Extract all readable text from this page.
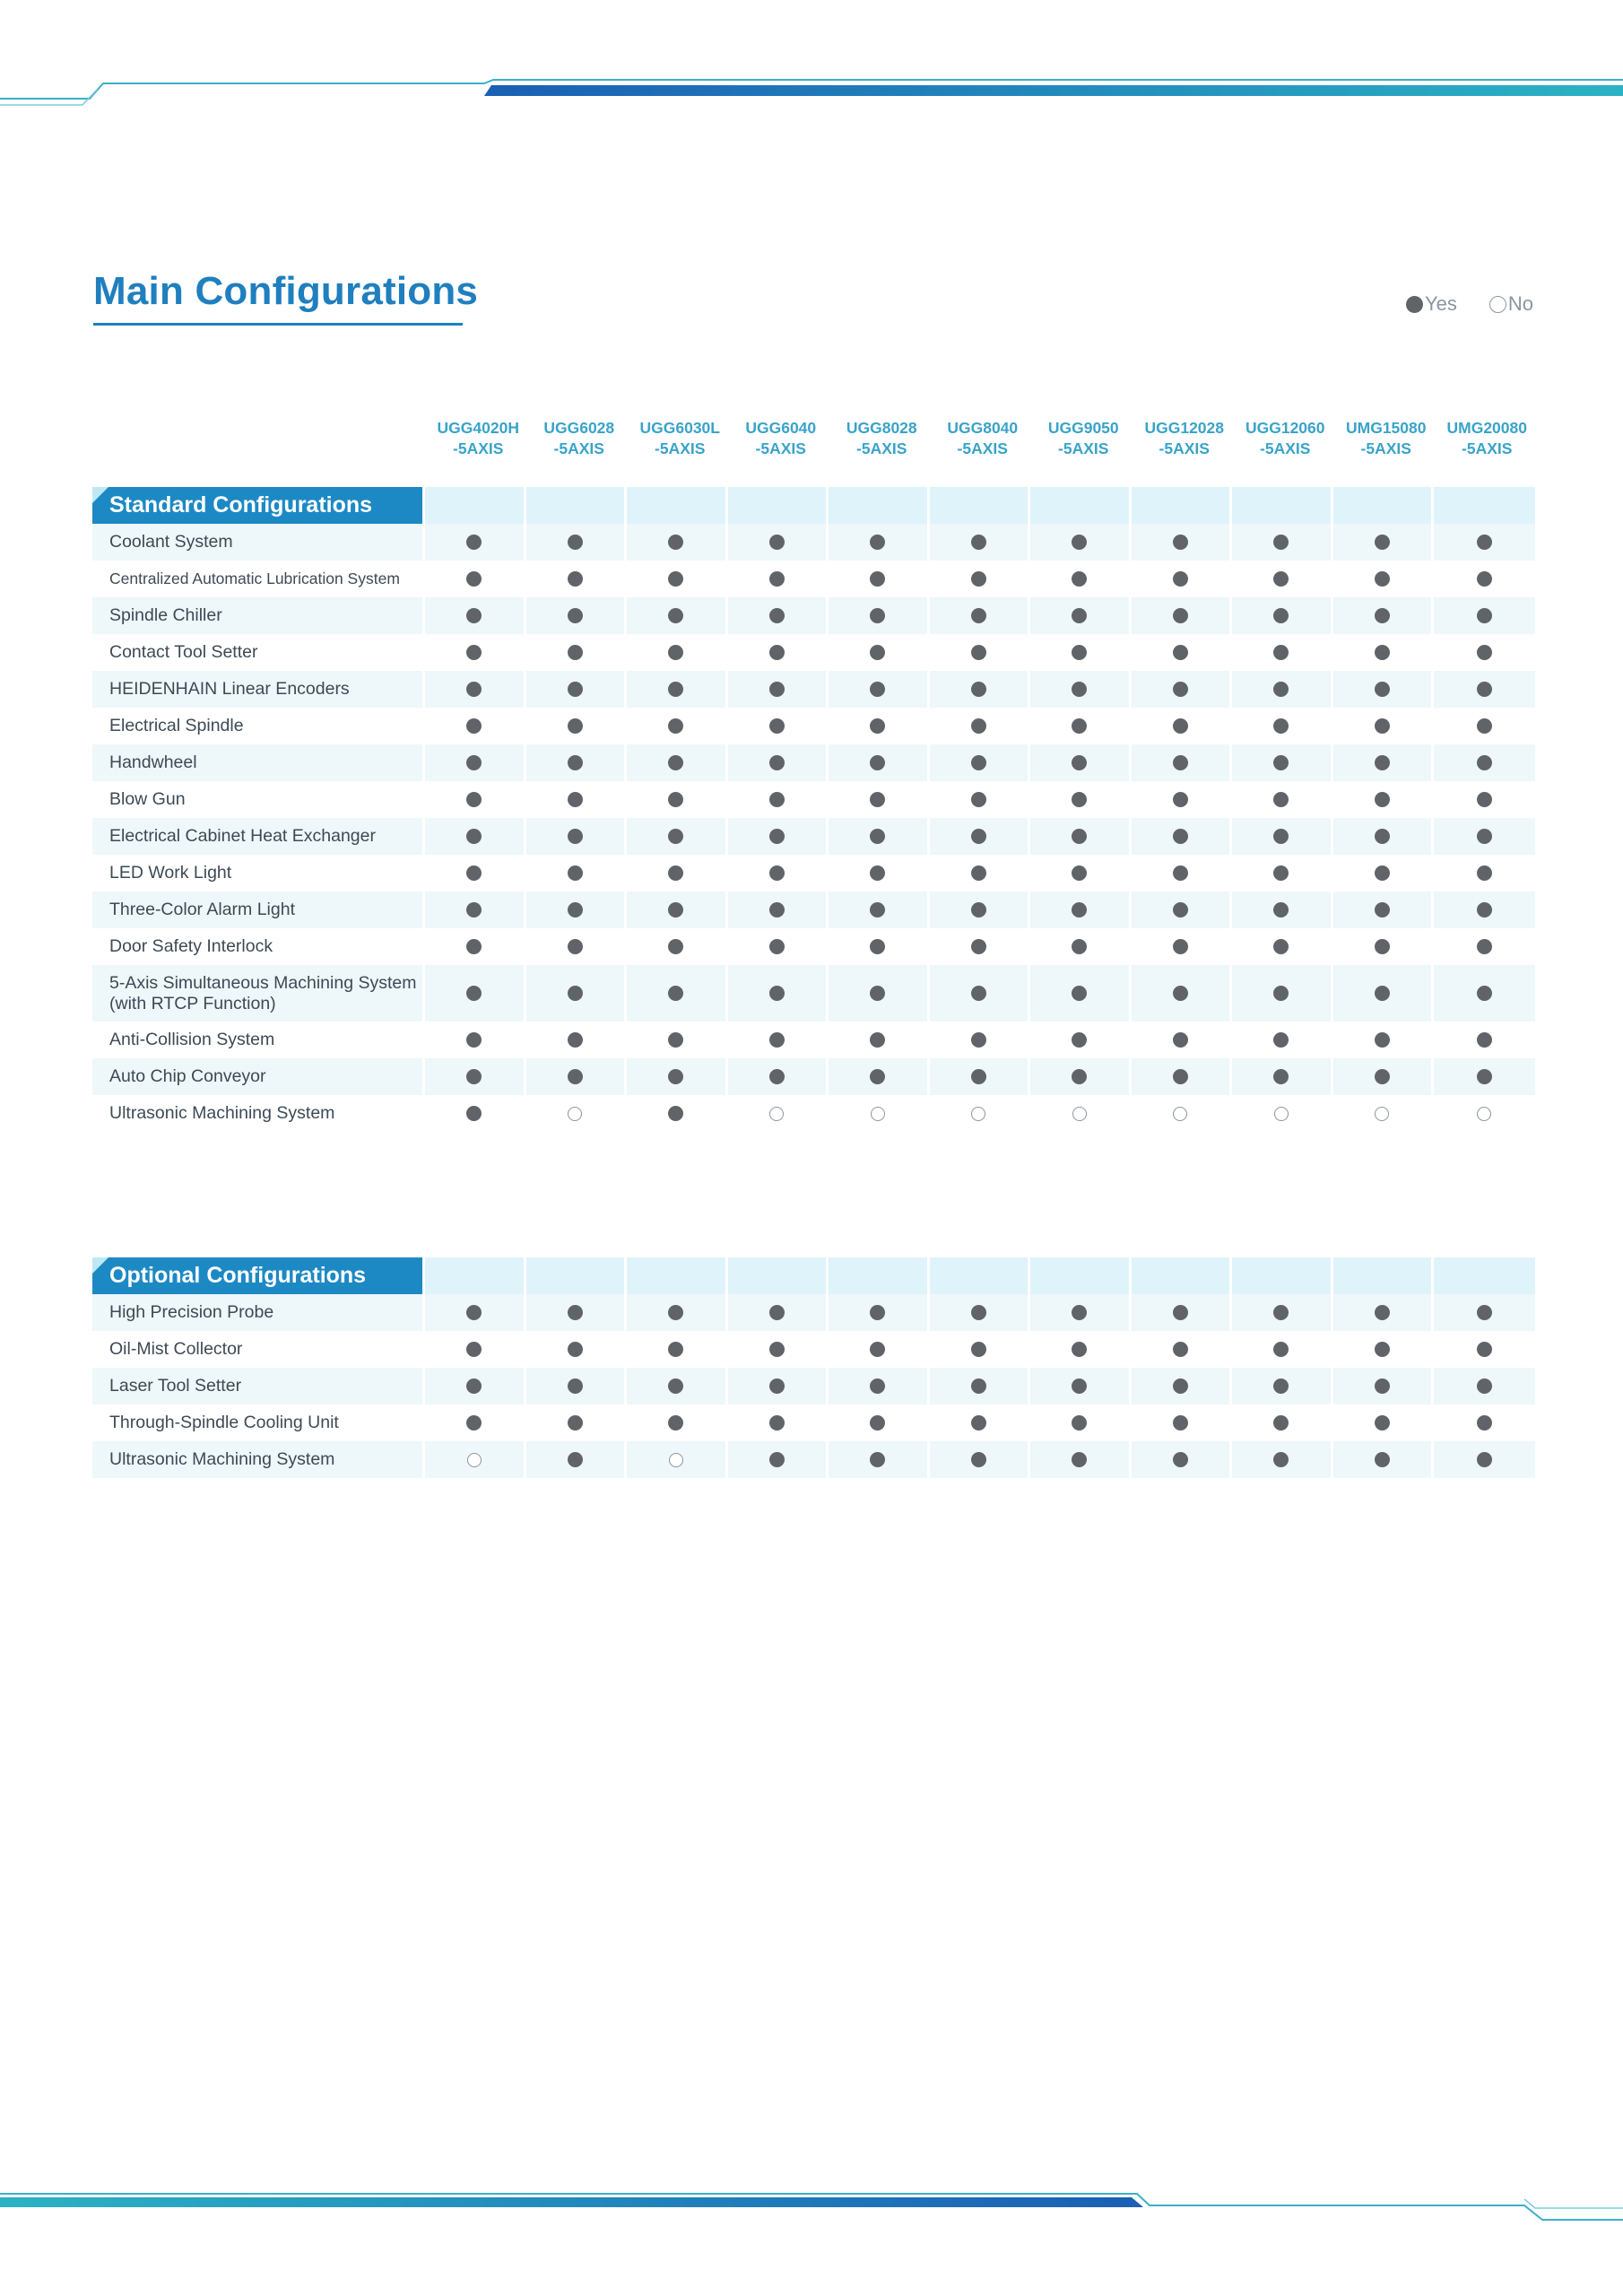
Main Configurations	Yes	No
UGG4020H
-5AXIS
UGG6028
-5AXIS
UGG6030L
-5AXIS
UGG6040
-5AXIS
UGG8028
-5AXIS
UGG8040
-5AXIS
UGG9050
-5AXIS
UGG12028
-5AXIS
UGG12060
-5AXIS
UMG15080
-5AXIS
UMG20080
-5AXIS
Standard Configurations
Coolant System
Centralized Automatic Lubrication System
Spindle Chiller
Contact Tool Setter
HEIDENHAIN Linear Encoders
Electrical Spindle
Handwheel
Blow Gun
Electrical Cabinet Heat Exchanger
LED Work Light
Three-Color Alarm Light
Door Safety Interlock
5-Axis Simultaneous Machining System
(with RTCP Function)
Anti-Collision System
Auto Chip Conveyor
Ultrasonic Machining System
Optional Configurations
High Precision Probe
Oil-Mist Collector
Laser Tool Setter
Through-Spindle Cooling Unit
Ultrasonic Machining System
